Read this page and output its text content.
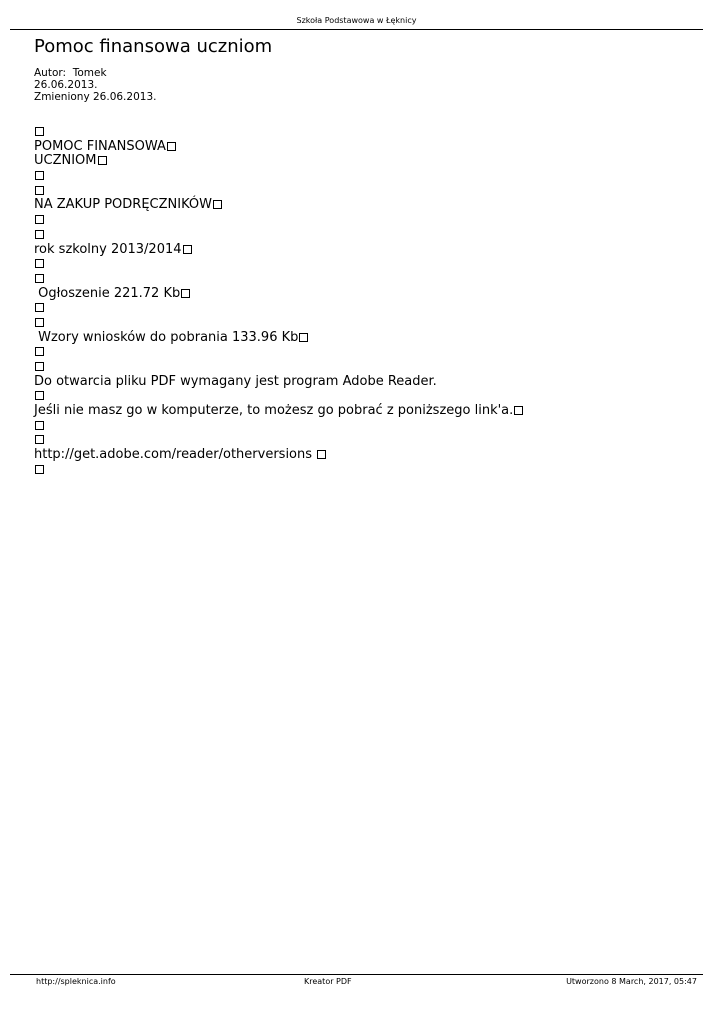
Szkoła Podstawowa w Łęknicy
Pomoc finansowa uczniom
Autor: Tomek
26.06.2013.
Zmieniony 26.06.2013.
POMOC FINANSOWA
UCZNIOM
NA ZAKUP PODRĘCZNIKÓW
rok szkolny 2013/2014
Ogłoszenie 221.72 Kb
Wzory wniosków do pobrania 133.96 Kb
Do otwarcia pliku PDF wymagany jest program Adobe Reader.
Jeśli nie masz go w komputerze, to możesz go pobrać z poniższego link'a.
http://get.adobe.com/reader/otherversions
http://spleknica.info	Kreator PDF	Utworzono 8 March, 2017, 05:47
